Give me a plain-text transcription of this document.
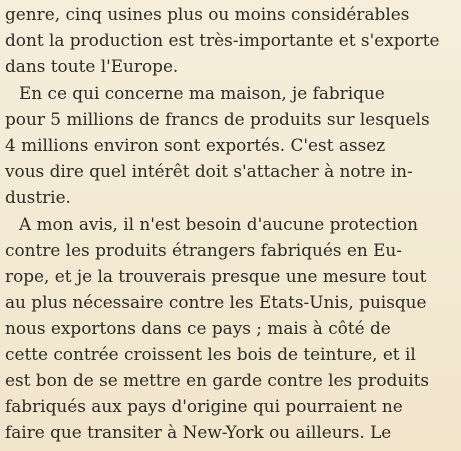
genre, cinq usines plus ou moins considérables
dont la production est très-importante et s'exporte
dans toute l'Europe.
En ce qui concerne ma maison, je fabrique
pour 5 millions de francs de produits sur lesquels
4 millions environ sont exportés. C'est assez
vous dire quel intérêt doit s'attacher à notre in-
dustrie.
A mon avis, il n'est besoin d'aucune protection
contre les produits étrangers fabriqués en Eu-
rope, et je la trouverais presque une mesure tout
au plus nécessaire contre les Etats-Unis, puisque
nous exportons dans ce pays ; mais à côté de
cette contrée croissent les bois de teinture, et il
est bon de se mettre en garde contre les produits
fabriqués aux pays d'origine qui pourraient ne
faire que transiter à New-York ou ailleurs. Le
